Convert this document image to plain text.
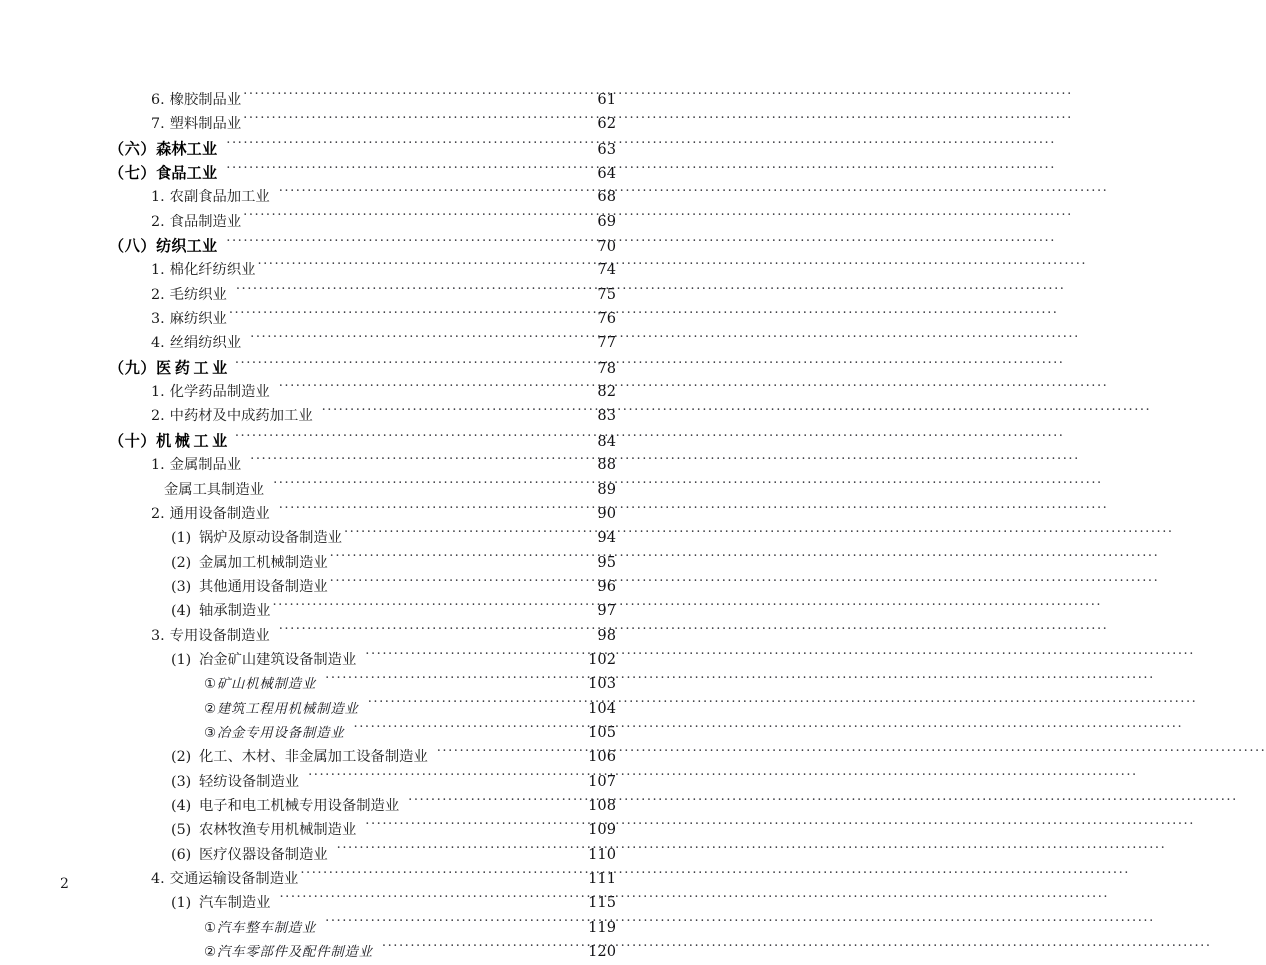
6. 橡胶制品业 .....	61
7. 塑料制品业 .....	62
（六） 森林工业 .....	63
（七） 食品工业 .....	64
1. 农副食品加工业 .....	68
2. 食品制造业 .....	69
（八） 纺织工业 .....	70
1. 棉化纤纺织业 .....	74
2. 毛纺织业 .....	75
3. 麻纺织业 .....	76
4. 丝绢纺织业 .....	77
（九） 医药工业 .....	78
1. 化学药品制造业 .....	82
2. 中药材及中成药加工业 .....	83
（十） 机械工业 .....	84
1. 金属制品业 .....	88
金属工具制造业 .....	89
2. 通用设备制造业 .....	90
(1) 锅炉及原动设备制造业 .....	94
(2) 金属加工机械制造业 .....	95
(3) 其他通用设备制造业 .....	96
(4) 轴承制造业 .....	97
3. 专用设备制造业 .....	98
(1) 冶金矿山建筑设备制造业 .....	102
① 矿山机械制造业 .....	103
② 建筑工程用机械制造业 .....	104
③ 冶金专用设备制造业 .....	105
(2) 化工、木材、非金属加工设备制造业 .....	106
(3) 轻纺设备制造业 .....	107
(4) 电子和电工机械专用设备制造业 .....	108
(5) 农林牧渔专用机械制造业 .....	109
(6) 医疗仪器设备制造业 .....	110
4. 交通运输设备制造业 .....	111
(1) 汽车制造业 .....	115
① 汽车整车制造业 .....	119
② 汽车零部件及配件制造业 .....	120
2
